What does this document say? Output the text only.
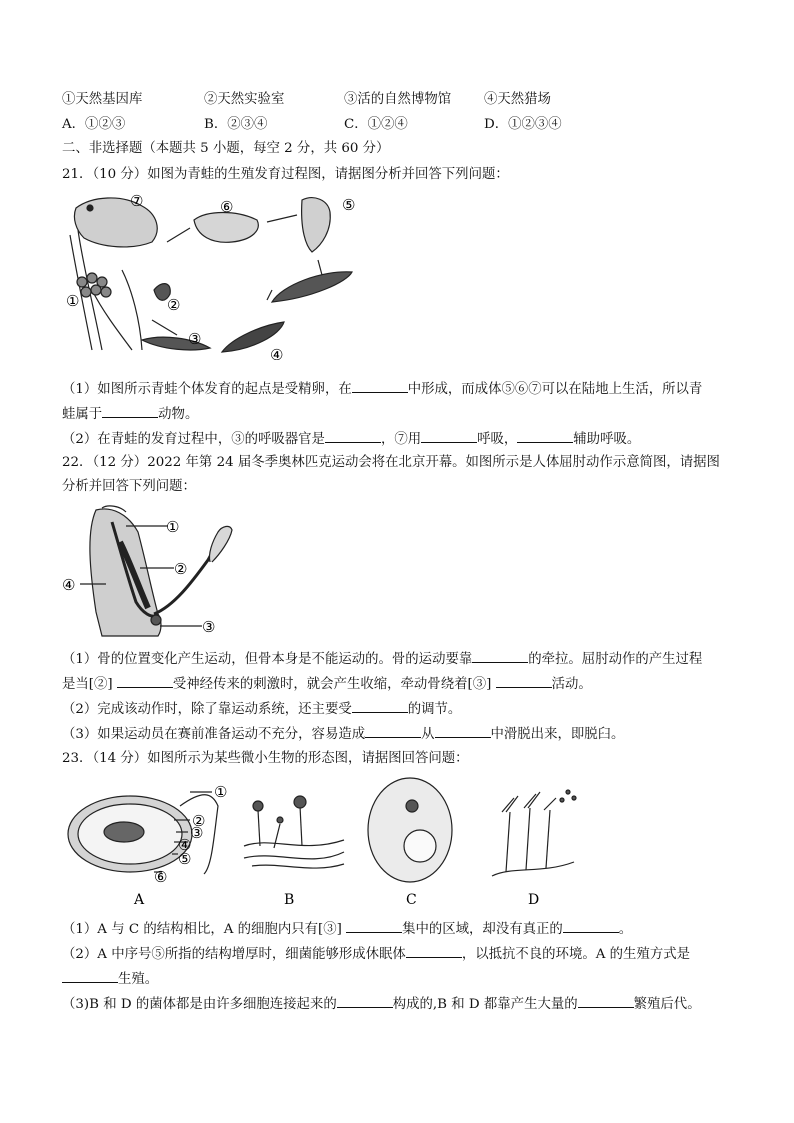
①天然基因库	②天然实验室	③活的自然博物馆 ④天然猎场
A．①②③	B．②③④	C．①②④	D．①②③④
二、非选择题（本题共 5 小题，每空 2 分，共 60 分）
21．（10 分）如图为青蛙的生殖发育过程图，请据图分析并回答下列问题：
①	②
③
④
⑤
⑥
⑦
（1）如图所示青蛙个体发育的起点是受精卵，在	中形成，而成体⑤⑥⑦可以在陆地上生活，所以青
蛙属于	动物。
（2）在青蛙的发育过程中，③的呼吸器官是	，⑦用	呼吸，	辅助呼吸。
22．（12 分）2022 年第 24 届冬季奥林匹克运动会将在北京开幕。如图所示是人体屈肘动作示意简图，请据图
分析并回答下列问题：
①
②
③
④
（1）骨的位置变化产生运动，但骨本身是不能运动的。骨的运动要靠	的牵拉。屈肘动作的产生过程
是当[②]	受神经传来的刺激时，就会产生收缩，牵动骨绕着[③]	活动。
（2）完成该动作时，除了靠运动系统，还主要受	的调节。
（3）如果运动员在赛前准备运动不充分，容易造成	从	中滑脱出来，即脱臼。
23．（14 分）如图所示为某些微小生物的形态图，请据图回答问题：
①
②
③
④
⑤
⑥
A	B	C	D
（1）A 与 C 的结构相比，A 的细胞内只有[③]	集中的区域，却没有真正的	。
（2）A 中序号⑤所指的结构增厚时，细菌能够形成休眠体	，以抵抗不良的环境。A 的生殖方式是
生殖。
（3)B 和 D 的菌体都是由许多细胞连接起来的	构成的,B 和 D 都靠产生大量的	繁殖后代。
